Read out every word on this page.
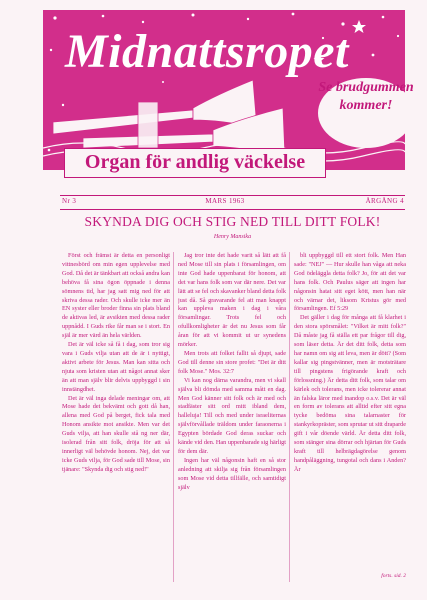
Midnattsropet
Se brudgummen kommer!
Organ för andlig väckelse
Nr 3	MARS 1963	ÅRGÅNG 4
SKYNDA DIG OCH STIG NED TILL DITT FOLK!
Henry Mansika

Först och främst är detta en personligt vittnesbörd om min egen upplevelse med God. Då det är tänkbart att också andra kan behöva få sina ögon öppnade i denna sömnens tid, har jag satt mig ned för att skriva dessa rader. Och skulle icke mer än EN syster eller broder finna sin plats bland de aktivas led, är avsikten med dessa rader uppnådd. I Guds rike får man se i stort. En själ är mer värd än hela världen.

Det är väl icke så få i dag, som tror sig vara i Guds vilja utan att de är i nyttigt, aktivt arbete för Jesus. Man kan sitta och njuta som kristen utan att något annat sker än att man själv blir delvis uppbyggd i sin innstängdhet.

Det är väl inga delade meningar om, att Mose hade det bekvämt och gott då han, allena med God på berget, fick tala med Honom ansikte mot ansikte. Men var det Guds vilja, att han skulle stå ng ner där, isolerad från sitt folk, dröja för att så innerligt väl behövde honom. Nej, det var icke Guds vilja, för God sade till Mose, sin tjänare: "Skynda dig och stig ned!"

Jag tror inte det hade varit så lätt att få ned Mose till sin plats i församlingen, om inte God hade uppenbarat för honom, att det var hans folk som var där nere. Det var lätt att se fel och skavanker bland detta folk just då. Så gravarande fel att man knappt kan uppleva maken i dag i våra församlingar. Trots fel och ofullkomligheter är det nu Jesus som får åran för att vi kommit ut ur synedens mörker.

Men trots att folket fallit så djupt, sade God till denne sin store profet: "Det är ditt folk Mose." Mos. 32:7

Vi kan nog därna varandra, men vi skall själva bli dömda med samma mått en dag. Men God känner sitt folk och är med och stadfäster sitt ord mitt ibland dem, halleluja! Till och med under israeliternas självförvållade träldom under faraonerna i Egypten bördade God deras suckar och kände vid den. Han uppenbarade sig härligt för dem där.

Ingen har väl någonsin haft en så stor anledning att skilja sig från församlingen som Mose vid detta tillfälle, och samtidigt själv

bli uppbyggd till ett stort folk. Men Han sade: "NEJ" — Hur skulle han våga att neka God ödeläggla detta folk? Jo, för att det var hans folk. Och Paulus säger att ingen har någonsin hatat sitt eget kött, men han när och värnar det, liksom Kristus gör med församlingen. Ef 5:29

Det gäller i dag för många att få klarhet i den stora spörsmålet: "Vilket är mitt folk?" Då måste jag få ställa ett par frågor till dig, som läser detta. Är det ditt folk, detta som har namn om sig att leva, men är dött? (Som kallar sig pingstvänner, men är motsträtare till pingstens frigörande kraft och förlossning.) Är detta ditt folk, som talar om kärlek och tolerans, men icke tolererar annat än falska läror med inandop o.s.v. Det är väl en form av tolerans att alltid efter sitt egna tycke bedöma sina talarnaster för stankyrkopräster, som sprutar ut sitt draparde gift i vår döende värld. Är detta ditt folk, som stänger sina dörrar och hjärtan för Guds kraft till helbrägdagörelse genom handpåläggning, tungotal och dans i Anden? Är

forts. sid. 2
